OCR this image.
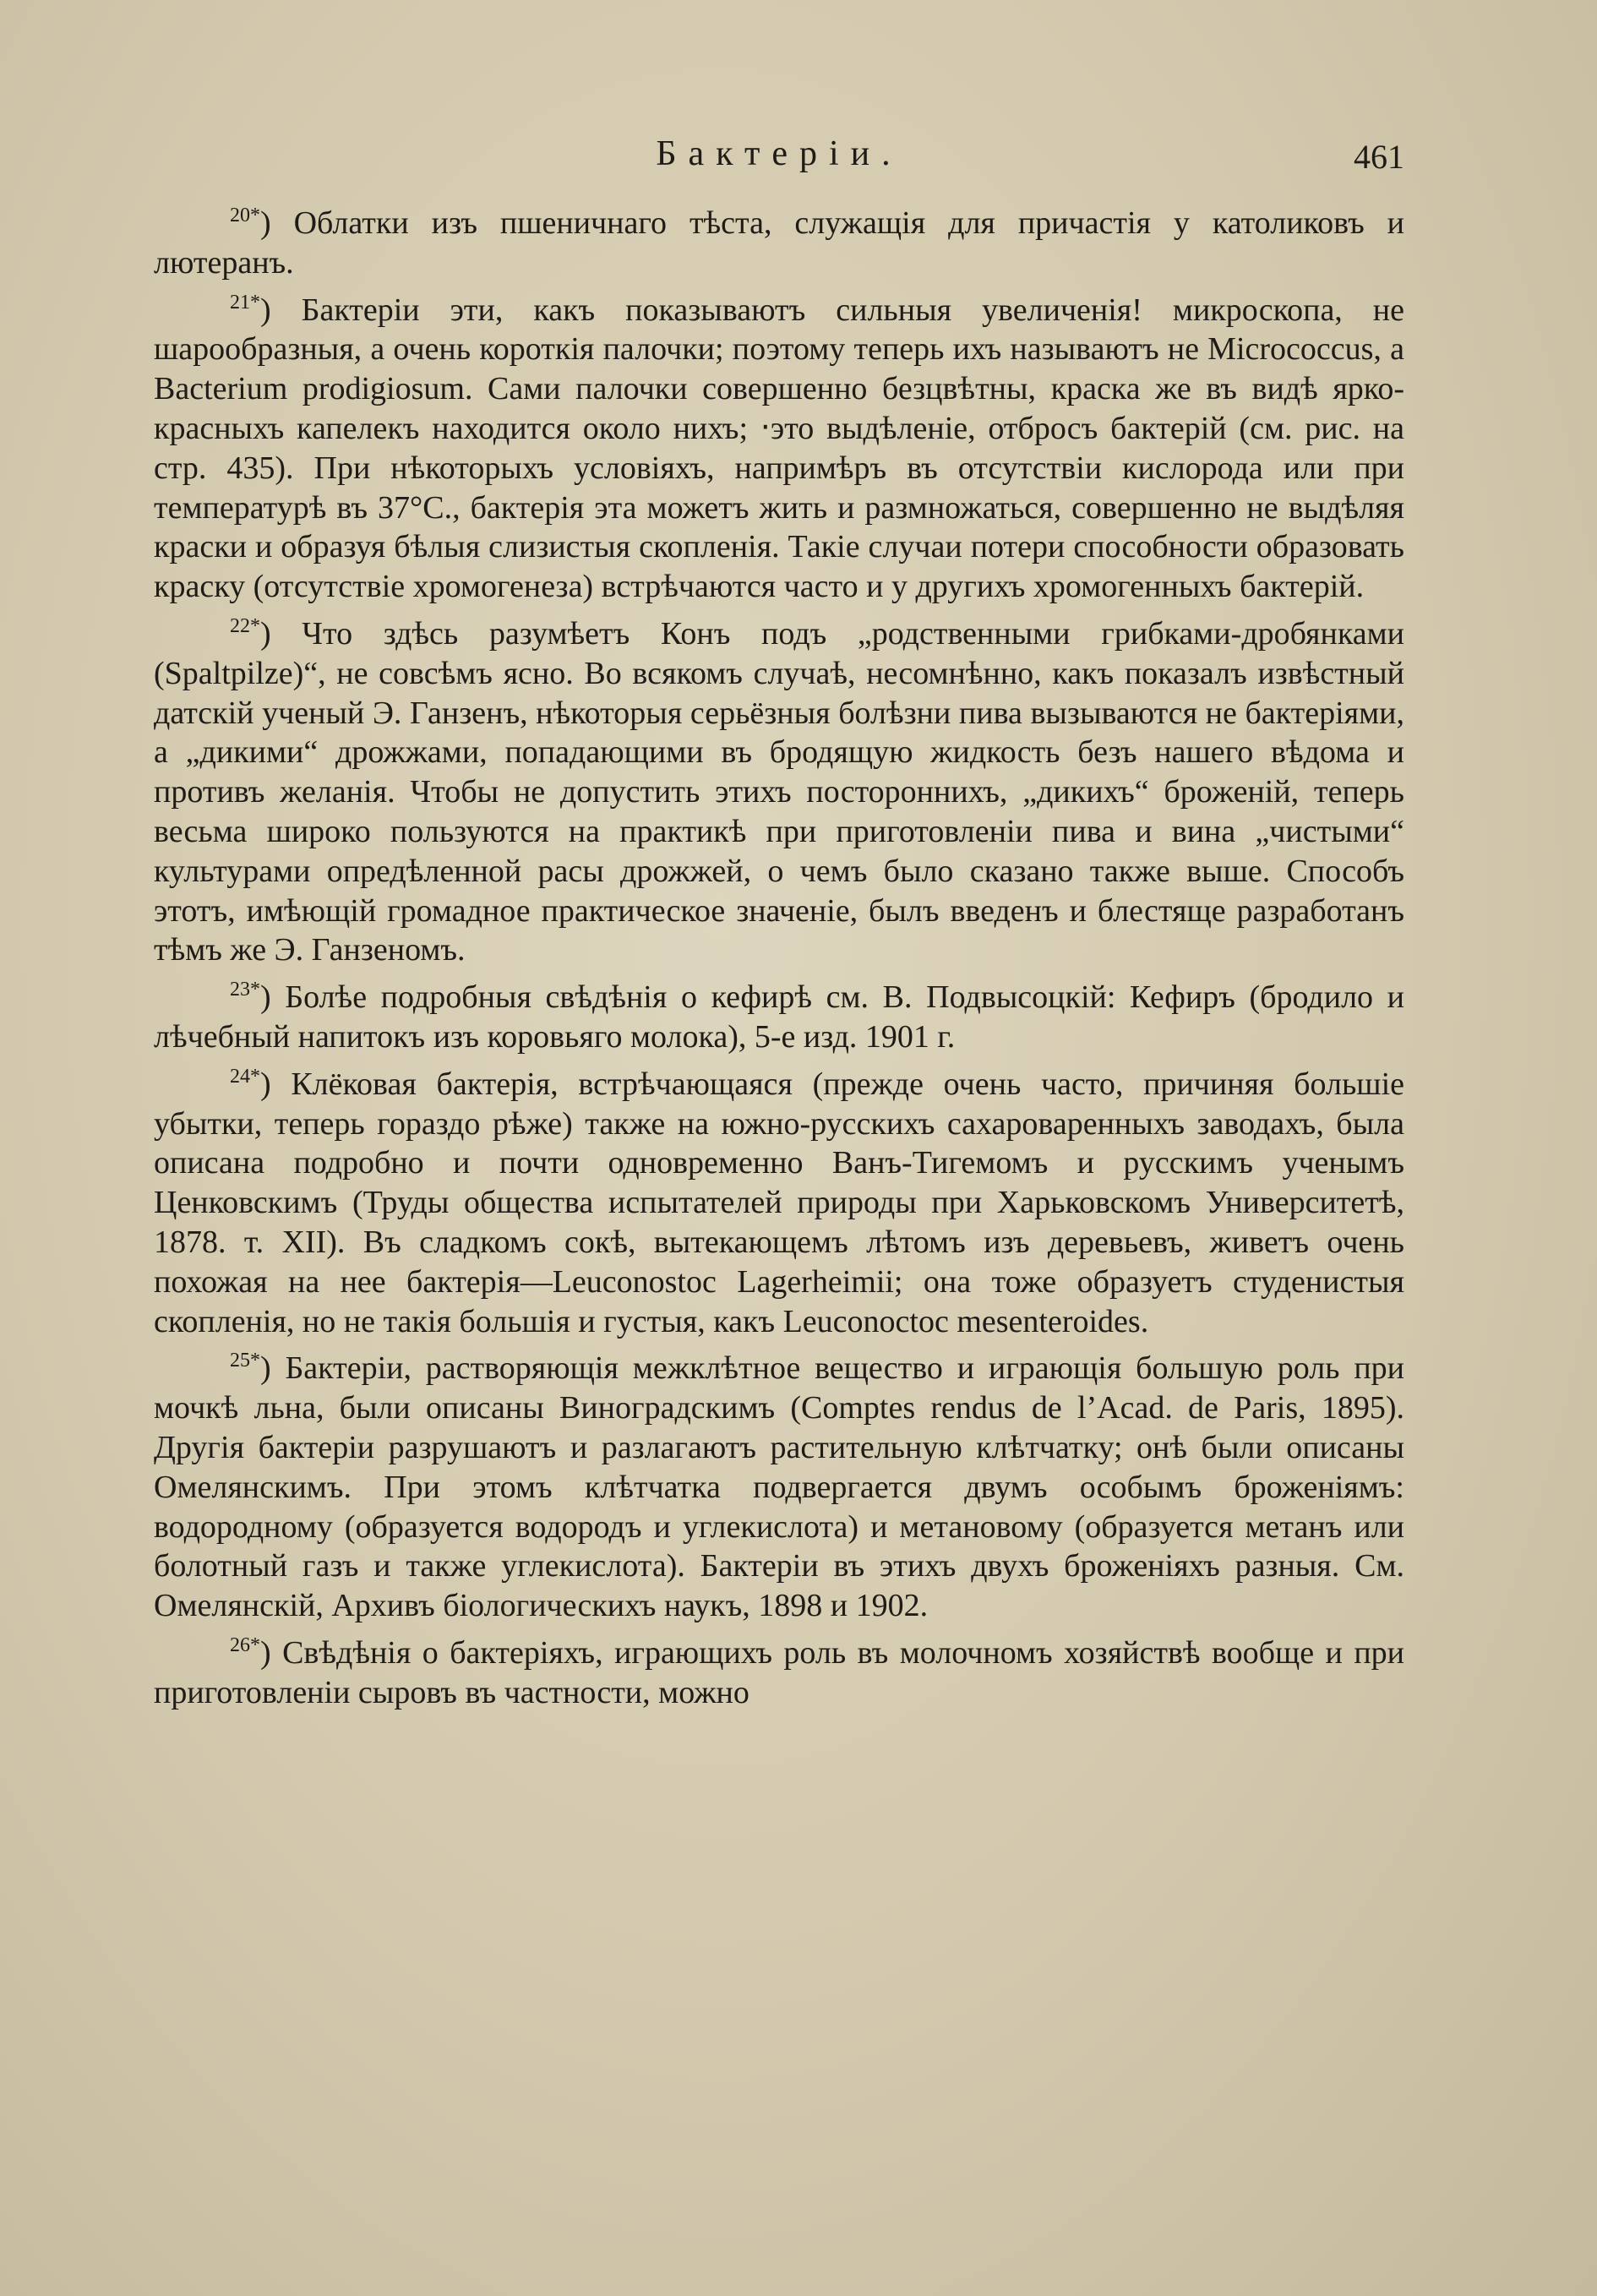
Бактерiи.	461

$^{20*}$) Облатки изъ пшеничнаго тѣста, служащiя для причастiя у католиковъ и лютеранъ.

$^{21*}$) Бактерiи эти, какъ показываютъ сильныя увеличенiя! микроскопа, не шарообразныя, а очень короткiя палочки; поэтому теперь ихъ называютъ не Micrococcus, а Bacterium prodigiosum. Сами палочки совершенно безцвѣтны, краска же въ видѣ ярко-красныхъ капелекъ находится около нихъ; ‧это выдѣленiе, отбросъ бактерiй (см. рис. на стр. 435). При нѣкоторыхъ условiяхъ, напримѣръ въ отсутствiи кислорода или при температурѣ въ 37°С., бактерiя эта можетъ жить и размножаться, совершенно не выдѣляя краски и образуя бѣлыя слизистыя скопленiя. Такiе случаи потери способности образовать краску (отсутствiе хромогенеза) встрѣчаются часто и у другихъ хромогенныхъ бактерiй.

$^{22*}$) Что здѣсь разумѣетъ Конъ подъ „родственными грибками-дробянками (Spaltpilze)“, не совсѣмъ ясно. Во всякомъ случаѣ, несомнѣнно, какъ показалъ извѣстный датскiй ученый Э. Ганзенъ, нѣкоторыя серьёзныя болѣзни пива вызываются не бактерiями, а „дикими“ дрожжами, попадающими въ бродящую жидкость безъ нашего вѣдома и противъ желанiя. Чтобы не допустить этихъ постороннихъ, „дикихъ“ броженiй, теперь весьма широко пользуются на практикѣ при приготовленiи пива и вина „чистыми“ культурами опредѣленной расы дрожжей, о чемъ было сказано также выше. Способъ этотъ, имѣющiй громадное практическое значенiе, былъ введенъ и блестяще разработанъ тѣмъ же Э. Ганзеномъ.

$^{23*}$) Болѣе подробныя свѣдѣнiя о кефирѣ см. В. Подвысоцкiй: Кефиръ (бродило и лѣчебный напитокъ изъ коровьяго молока), 5-е изд. 1901 г.

$^{24*}$) Клёковая бактерiя, встрѣчающаяся (прежде очень часто, причиняя большiе убытки, теперь гораздо рѣже) также на южно-русскихъ сахароваренныхъ заводахъ, была описана подробно и почти одновременно Ванъ-Тигемомъ и русскимъ ученымъ Ценковскимъ (Труды общества испытателей природы при Харьковскомъ Университетѣ, 1878. т. XII). Въ сладкомъ сокѣ, вытекающемъ лѣтомъ изъ деревьевъ, живетъ очень похожая на нее бактерiя—Leuconostoc Lagerheimii; она тоже образуетъ студенистыя скопленiя, но не такiя большiя и густыя, какъ Leuconoctoc mesenteroides.

$^{25*}$) Бактерiи, растворяющiя межклѣтное вещество и играющiя большую роль при мочкѣ льна, были описаны Виноградскимъ (Comptes rendus de l’Acad. de Paris, 1895). Другiя бактерiи разрушаютъ и разлагаютъ растительную клѣтчатку; онѣ были описаны Омелянскимъ. При этомъ клѣтчатка подвергается двумъ особымъ броженiямъ: водородному (образуется водородъ и углекислота) и метановому (образуется метанъ или болотный газъ и также углекислота). Бактерiи въ этихъ двухъ броженiяхъ разныя. См. Омелянскiй, Архивъ бiологическихъ наукъ, 1898 и 1902.

$^{26*}$) Свѣдѣнiя о бактерiяхъ, играющихъ роль въ молочномъ хозяйствѣ вообще и при приготовленiи сыровъ въ частности, можно
